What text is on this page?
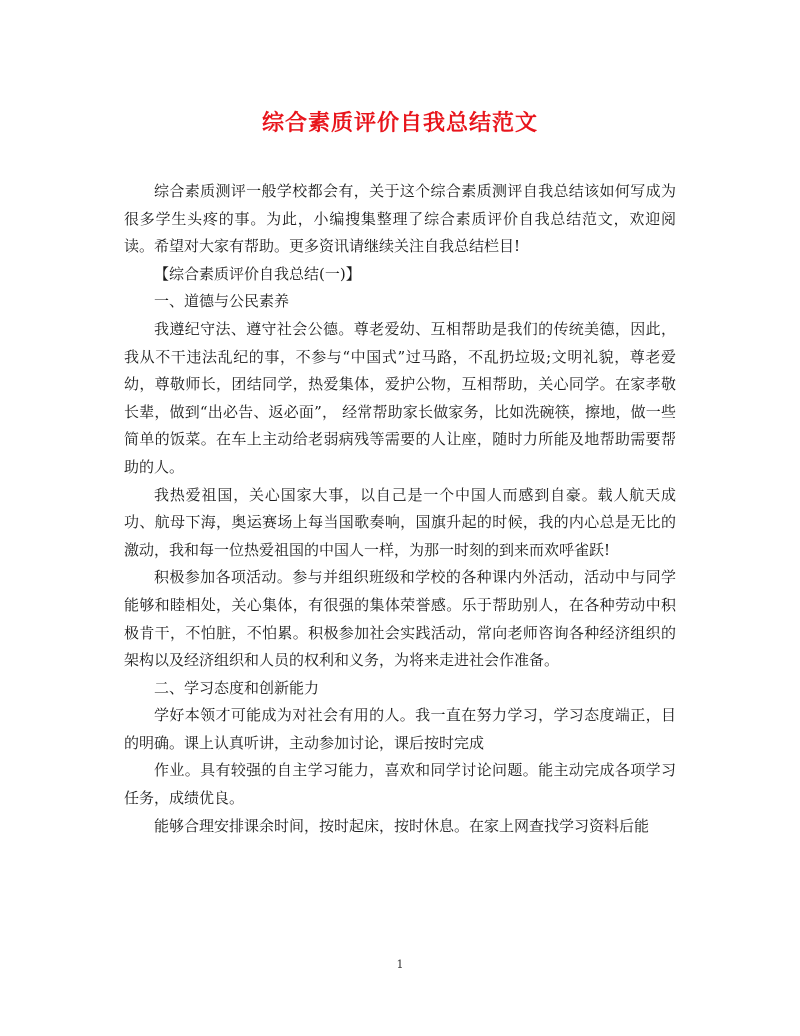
综合素质评价自我总结范文

综合素质测评一般学校都会有，关于这个综合素质测评自我总结该如何写成为很多学生头疼的事。为此，小编搜集整理了综合素质评价自我总结范文，欢迎阅读。希望对大家有帮助。更多资讯请继续关注自我总结栏目!

【综合素质评价自我总结(一)】

一、道德与公民素养

我遵纪守法、遵守社会公德。尊老爱幼、互相帮助是我们的传统美德，因此，我从不干违法乱纪的事，不参与“中国式”过马路，不乱扔垃圾;文明礼貌，尊老爱幼，尊敬师长，团结同学，热爱集体，爱护公物，互相帮助，关心同学。在家孝敬长辈，做到“出必告、返必面”， 经常帮助家长做家务，比如洗碗筷，擦地，做一些简单的饭菜。在车上主动给老弱病残等需要的人让座，随时力所能及地帮助需要帮助的人。

我热爱祖国，关心国家大事，以自己是一个中国人而感到自豪。载人航天成功、航母下海，奥运赛场上每当国歌奏响，国旗升起的时候，我的内心总是无比的激动，我和每一位热爱祖国的中国人一样，为那一时刻的到来而欢呼雀跃!

积极参加各项活动。参与并组织班级和学校的各种课内外活动，活动中与同学能够和睦相处，关心集体，有很强的集体荣誉感。乐于帮助别人，在各种劳动中积极肯干，不怕脏，不怕累。积极参加社会实践活动，常向老师咨询各种经济组织的架构以及经济组织和人员的权利和义务，为将来走进社会作准备。

二、学习态度和创新能力

学好本领才可能成为对社会有用的人。我一直在努力学习，学习态度端正，目的明确。课上认真听讲，主动参加讨论，课后按时完成

作业。具有较强的自主学习能力，喜欢和同学讨论问题。能主动完成各项学习任务，成绩优良。

能够合理安排课余时间，按时起床，按时休息。在家上网查找学习资料后能

1
